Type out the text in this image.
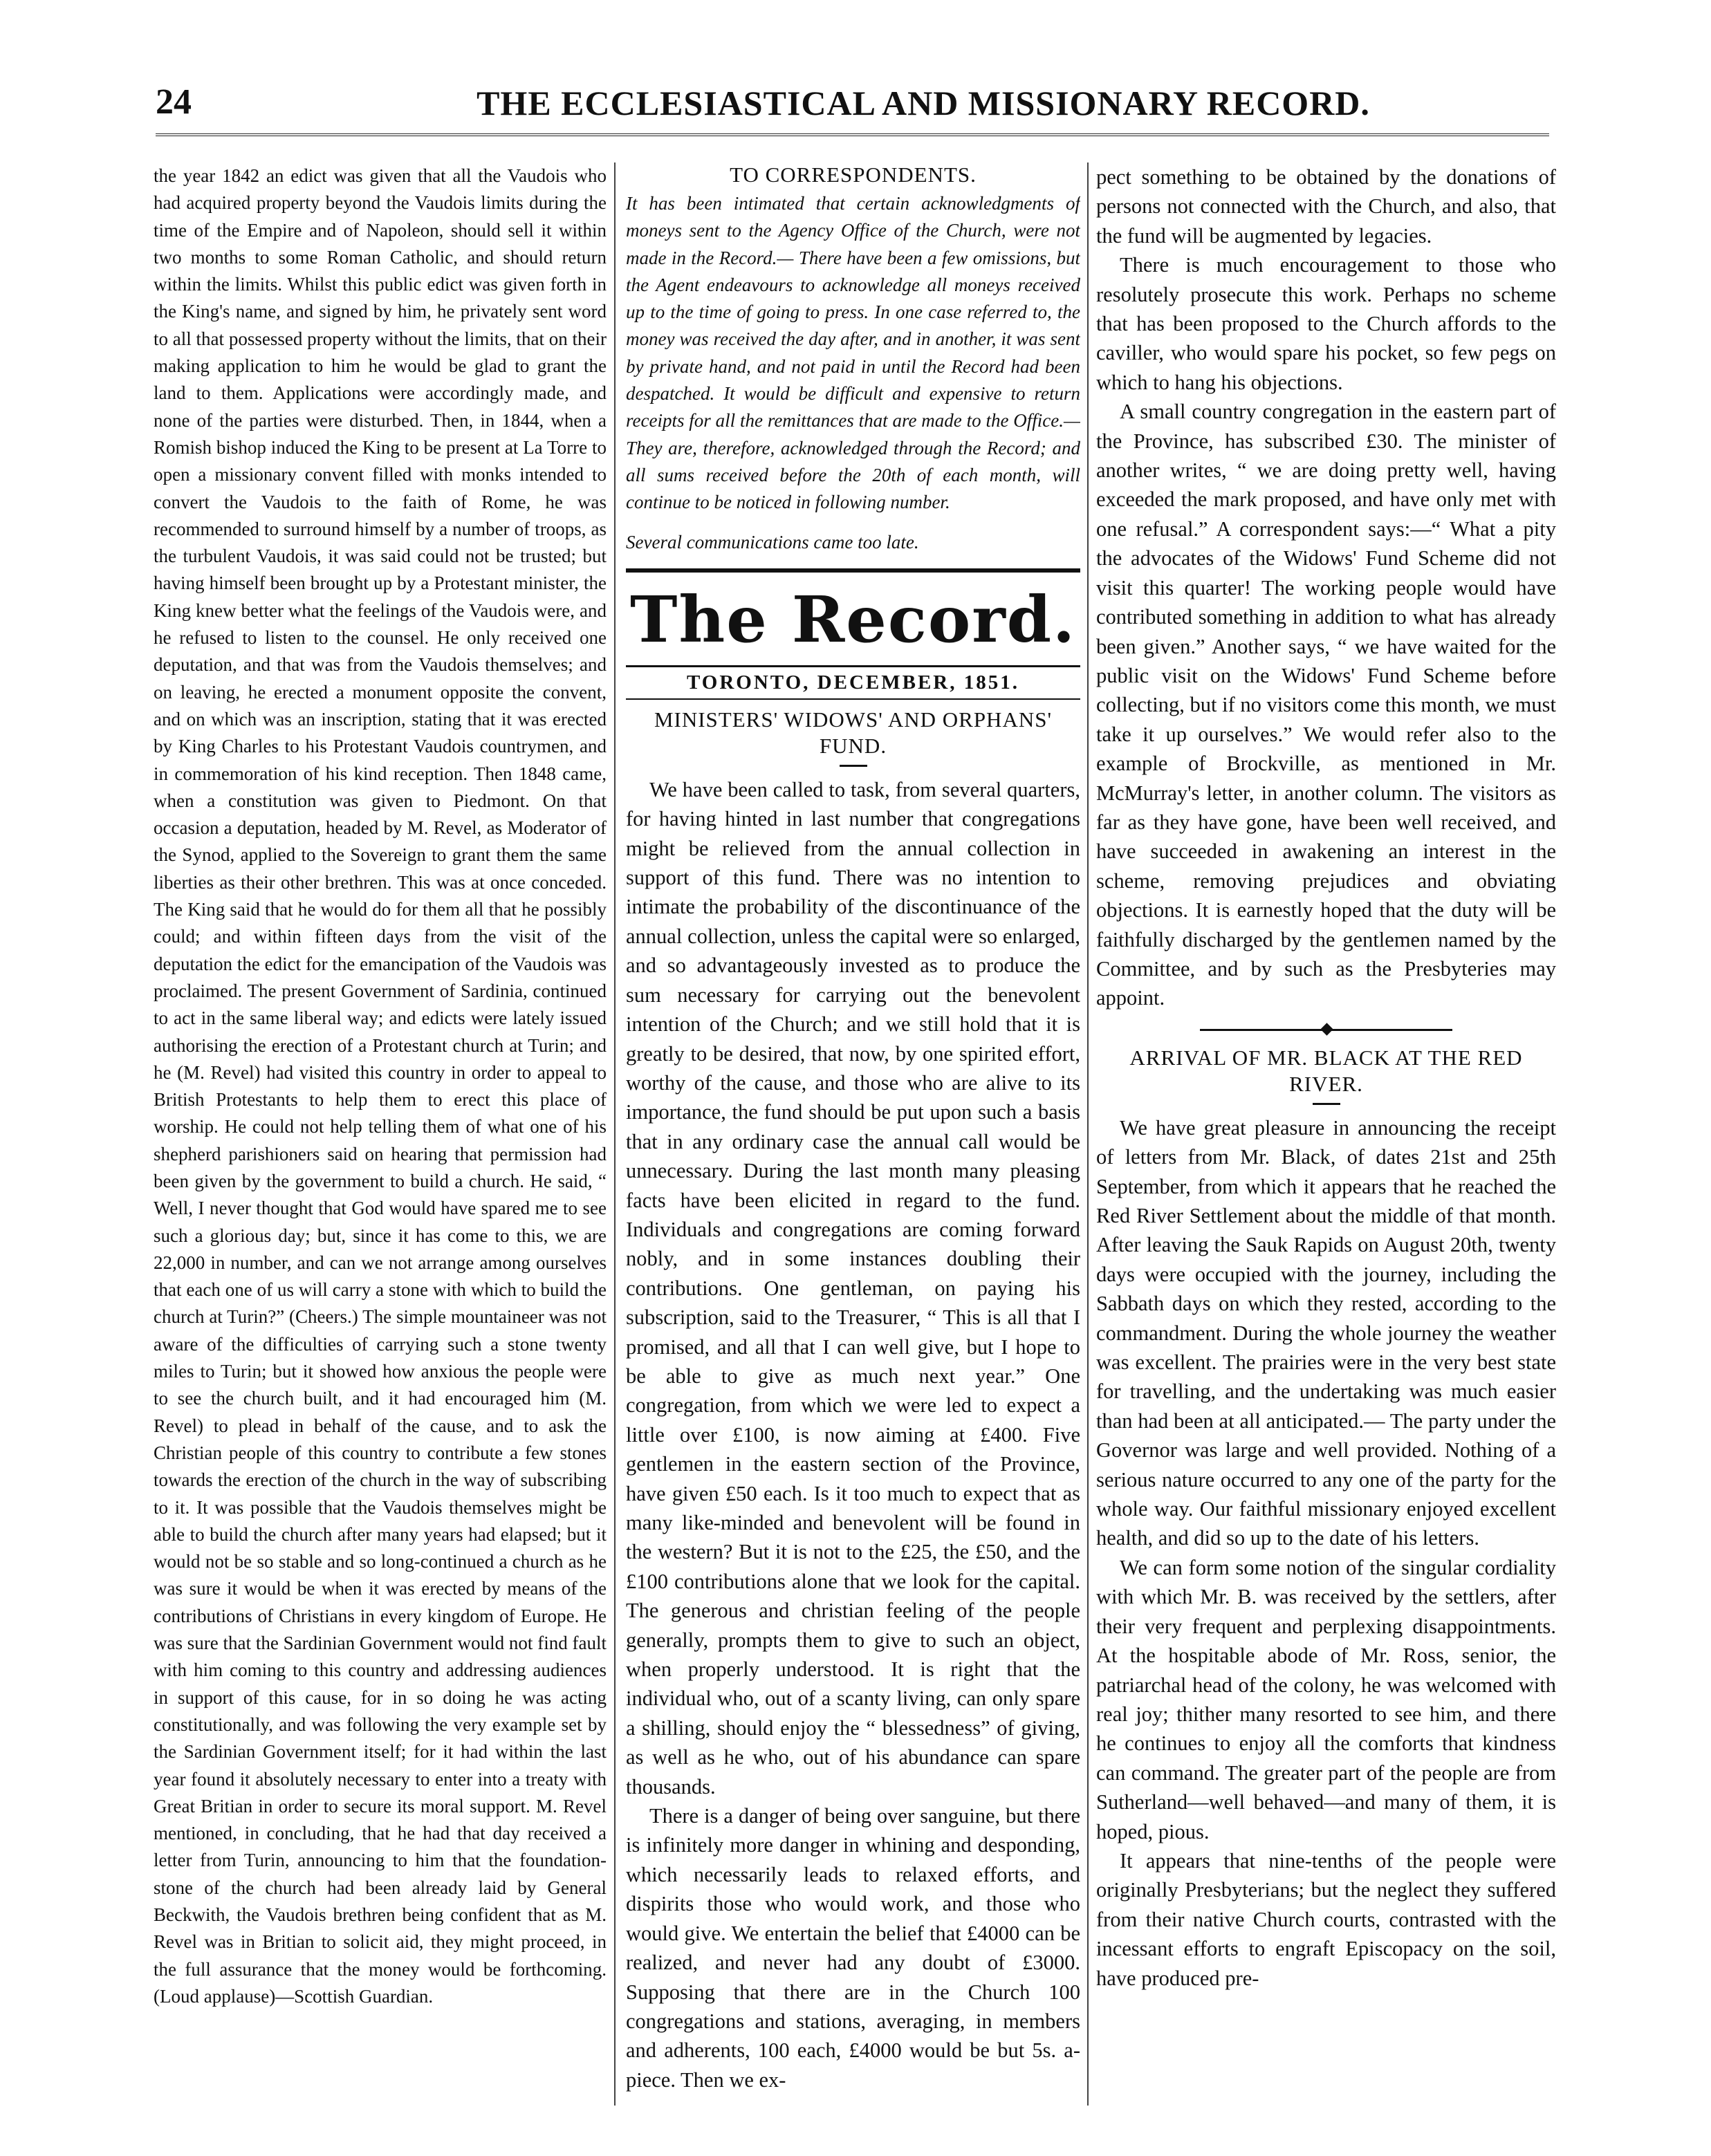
24	THE ECCLESIASTICAL AND MISSIONARY RECORD.

the year 1842 an edict was given that all the Vaudois who had acquired property beyond the Vaudois limits during the time of the Empire and of Napoleon, should sell it within two months to some Roman Catholic, and should return within the limits. Whilst this public edict was given forth in the King's name, and signed by him, he privately sent word to all that possessed property without the limits, that on their making application to him he would be glad to grant the land to them. Applications were accordingly made, and none of the parties were disturbed. Then, in 1844, when a Romish bishop induced the King to be present at La Torre to open a missionary convent filled with monks intended to convert the Vaudois to the faith of Rome, he was recommended to surround himself by a number of troops, as the turbulent Vaudois, it was said could not be trusted; but having himself been brought up by a Protestant minister, the King knew better what the feelings of the Vaudois were, and he refused to listen to the counsel. He only received one deputation, and that was from the Vaudois themselves; and on leaving, he erected a monument opposite the convent, and on which was an inscription, stating that it was erected by King Charles to his Protestant Vaudois countrymen, and in commemoration of his kind reception. Then 1848 came, when a constitution was given to Piedmont. On that occasion a deputation, headed by M. Revel, as Moderator of the Synod, applied to the Sovereign to grant them the same liberties as their other brethren. This was at once conceded. The King said that he would do for them all that he possibly could; and within fifteen days from the visit of the deputation the edict for the emancipation of the Vaudois was proclaimed. The present Government of Sardinia, continued to act in the same liberal way; and edicts were lately issued authorising the erection of a Protestant church at Turin; and he (M. Revel) had visited this country in order to appeal to British Protestants to help them to erect this place of worship. He could not help telling them of what one of his shepherd parishioners said on hearing that permission had been given by the government to build a church. He said, “ Well, I never thought that God would have spared me to see such a glorious day; but, since it has come to this, we are 22,000 in number, and can we not arrange among ourselves that each one of us will carry a stone with which to build the church at Turin?” (Cheers.) The simple mountaineer was not aware of the difficulties of carrying such a stone twenty miles to Turin; but it showed how anxious the people were to see the church built, and it had encouraged him (M. Revel) to plead in behalf of the cause, and to ask the Christian people of this country to contribute a few stones towards the erection of the church in the way of subscribing to it. It was possible that the Vaudois themselves might be able to build the church after many years had elapsed; but it would not be so stable and so long-continued a church as he was sure it would be when it was erected by means of the contributions of Christians in every kingdom of Europe. He was sure that the Sardinian Government would not find fault with him coming to this country and addressing audiences in support of this cause, for in so doing he was acting constitutionally, and was following the very example set by the Sardinian Government itself; for it had within the last year found it absolutely necessary to enter into a treaty with Great Britian in order to secure its moral support. M. Revel mentioned, in concluding, that he had that day received a letter from Turin, announcing to him that the foundation-stone of the church had been already laid by General Beckwith, the Vaudois brethren being confident that as M. Revel was in Britian to solicit aid, they might proceed, in the full assurance that the money would be forthcoming. (Loud applause)—Scottish Guardian.

TO CORRESPONDENTS.

It has been intimated that certain acknowledgments of moneys sent to the Agency Office of the Church, were not made in the Record.— There have been a few omissions, but the Agent endeavours to acknowledge all moneys received up to the time of going to press. In one case referred to, the money was received the day after, and in another, it was sent by private hand, and not paid in until the Record had been despatched. It would be difficult and expensive to return receipts for all the remittances that are made to the Office.— They are, therefore, acknowledged through the Record; and all sums received before the 20th of each month, will continue to be noticed in following number.

Several communications came too late.

The Record.
TORONTO, DECEMBER, 1851.
MINISTERS' WIDOWS' AND ORPHANS' FUND.

We have been called to task, from several quarters, for having hinted in last number that congregations might be relieved from the annual collection in support of this fund. There was no intention to intimate the probability of the discontinuance of the annual collection, unless the capital were so enlarged, and so advantageously invested as to produce the sum necessary for carrying out the benevolent intention of the Church; and we still hold that it is greatly to be desired, that now, by one spirited effort, worthy of the cause, and those who are alive to its importance, the fund should be put upon such a basis that in any ordinary case the annual call would be unnecessary. During the last month many pleasing facts have been elicited in regard to the fund. Individuals and congregations are coming forward nobly, and in some instances doubling their contributions. One gentleman, on paying his subscription, said to the Treasurer, “ This is all that I promised, and all that I can well give, but I hope to be able to give as much next year.” One congregation, from which we were led to expect a little over £100, is now aiming at £400. Five gentlemen in the eastern section of the Province, have given £50 each. Is it too much to expect that as many like-minded and benevolent will be found in the western? But it is not to the £25, the £50, and the £100 contributions alone that we look for the capital. The generous and christian feeling of the people generally, prompts them to give to such an object, when properly understood. It is right that the individual who, out of a scanty living, can only spare a shilling, should enjoy the “ blessedness” of giving, as well as he who, out of his abundance can spare thousands.

There is a danger of being over sanguine, but there is infinitely more danger in whining and desponding, which necessarily leads to relaxed efforts, and dispirits those who would work, and those who would give. We entertain the belief that £4000 can be realized, and never had any doubt of £3000. Supposing that there are in the Church 100 congregations and stations, averaging, in members and adherents, 100 each, £4000 would be but 5s. a-piece. Then we ex-

pect something to be obtained by the donations of persons not connected with the Church, and also, that the fund will be augmented by legacies.

There is much encouragement to those who resolutely prosecute this work. Perhaps no scheme that has been proposed to the Church affords to the caviller, who would spare his pocket, so few pegs on which to hang his objections.

A small country congregation in the eastern part of the Province, has subscribed £30. The minister of another writes, “ we are doing pretty well, having exceeded the mark proposed, and have only met with one refusal.” A correspondent says:—“ What a pity the advocates of the Widows' Fund Scheme did not visit this quarter! The working people would have contributed something in addition to what has already been given.” Another says, “ we have waited for the public visit on the Widows' Fund Scheme before collecting, but if no visitors come this month, we must take it up ourselves.” We would refer also to the example of Brockville, as mentioned in Mr. McMurray's letter, in another column. The visitors as far as they have gone, have been well received, and have succeeded in awakening an interest in the scheme, removing prejudices and obviating objections. It is earnestly hoped that the duty will be faithfully discharged by the gentlemen named by the Committee, and by such as the Presbyteries may appoint.

ARRIVAL OF MR. BLACK AT THE RED RIVER.

We have great pleasure in announcing the receipt of letters from Mr. Black, of dates 21st and 25th September, from which it appears that he reached the Red River Settlement about the middle of that month. After leaving the Sauk Rapids on August 20th, twenty days were occupied with the journey, including the Sabbath days on which they rested, according to the commandment. During the whole journey the weather was excellent. The prairies were in the very best state for travelling, and the undertaking was much easier than had been at all anticipated.— The party under the Governor was large and well provided. Nothing of a serious nature occurred to any one of the party for the whole way. Our faithful missionary enjoyed excellent health, and did so up to the date of his letters.

We can form some notion of the singular cordiality with which Mr. B. was received by the settlers, after their very frequent and perplexing disappointments. At the hospitable abode of Mr. Ross, senior, the patriarchal head of the colony, he was welcomed with real joy; thither many resorted to see him, and there he continues to enjoy all the comforts that kindness can command. The greater part of the people are from Sutherland—well behaved—and many of them, it is hoped, pious.

It appears that nine-tenths of the people were originally Presbyterians; but the neglect they suffered from their native Church courts, contrasted with the incessant efforts to engraft Episcopacy on the soil, have produced pre-
